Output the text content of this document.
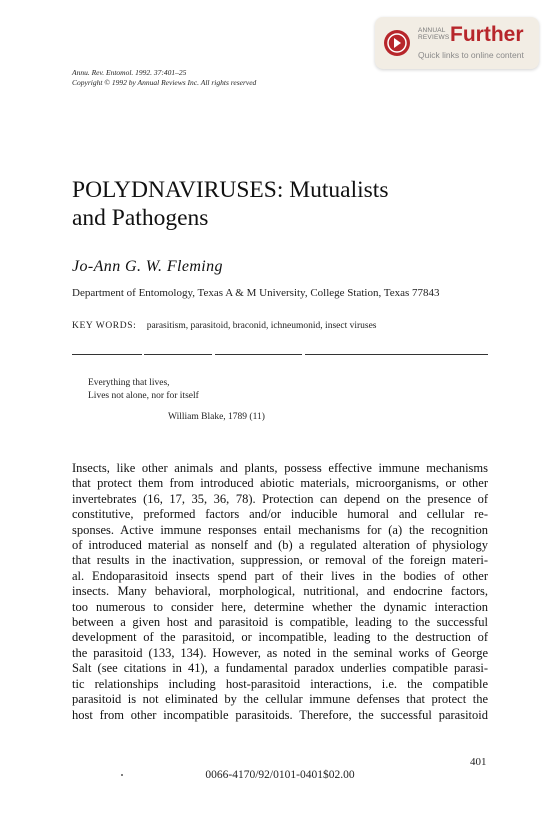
ANNUAL
REVIEWS Further
Quick links to online content
Annu. Rev. Entomol. 1992. 37:401–25
Copyright © 1992 by Annual Reviews Inc. All rights reserved
POLYDNAVIRUSES: Mutualists
and Pathogens
Jo-Ann G. W. Fleming
Department of Entomology, Texas A & M University, College Station, Texas 77843
KEY WORDS: parasitism, parasitoid, braconid, ichneumonid, insect viruses
Everything that lives,
Lives not alone, nor for itself
William Blake, 1789 (11)
Insects, like other animals and plants, possess effective immune mechanisms
that protect them from introduced abiotic materials, microorganisms, or other
invertebrates (16, 17, 35, 36, 78). Protection can depend on the presence of
constitutive, preformed factors and/or inducible humoral and cellular re-
sponses. Active immune responses entail mechanisms for (a) the recognition
of introduced material as nonself and (b) a regulated alteration of physiology
that results in the inactivation, suppression, or removal of the foreign materi-
al. Endoparasitoid insects spend part of their lives in the bodies of other
insects. Many behavioral, morphological, nutritional, and endocrine factors,
too numerous to consider here, determine whether the dynamic interaction
between a given host and parasitoid is compatible, leading to the successful
development of the parasitoid, or incompatible, leading to the destruction of
the parasitoid (133, 134). However, as noted in the seminal works of George
Salt (see citations in 41), a fundamental paradox underlies compatible parasi-
tic relationships including host-parasitoid interactions, i.e. the compatible
parasitoid is not eliminated by the cellular immune defenses that protect the
host from other incompatible parasitoids. Therefore, the successful parasitoid
401
0066-4170/92/0101-0401$02.00
